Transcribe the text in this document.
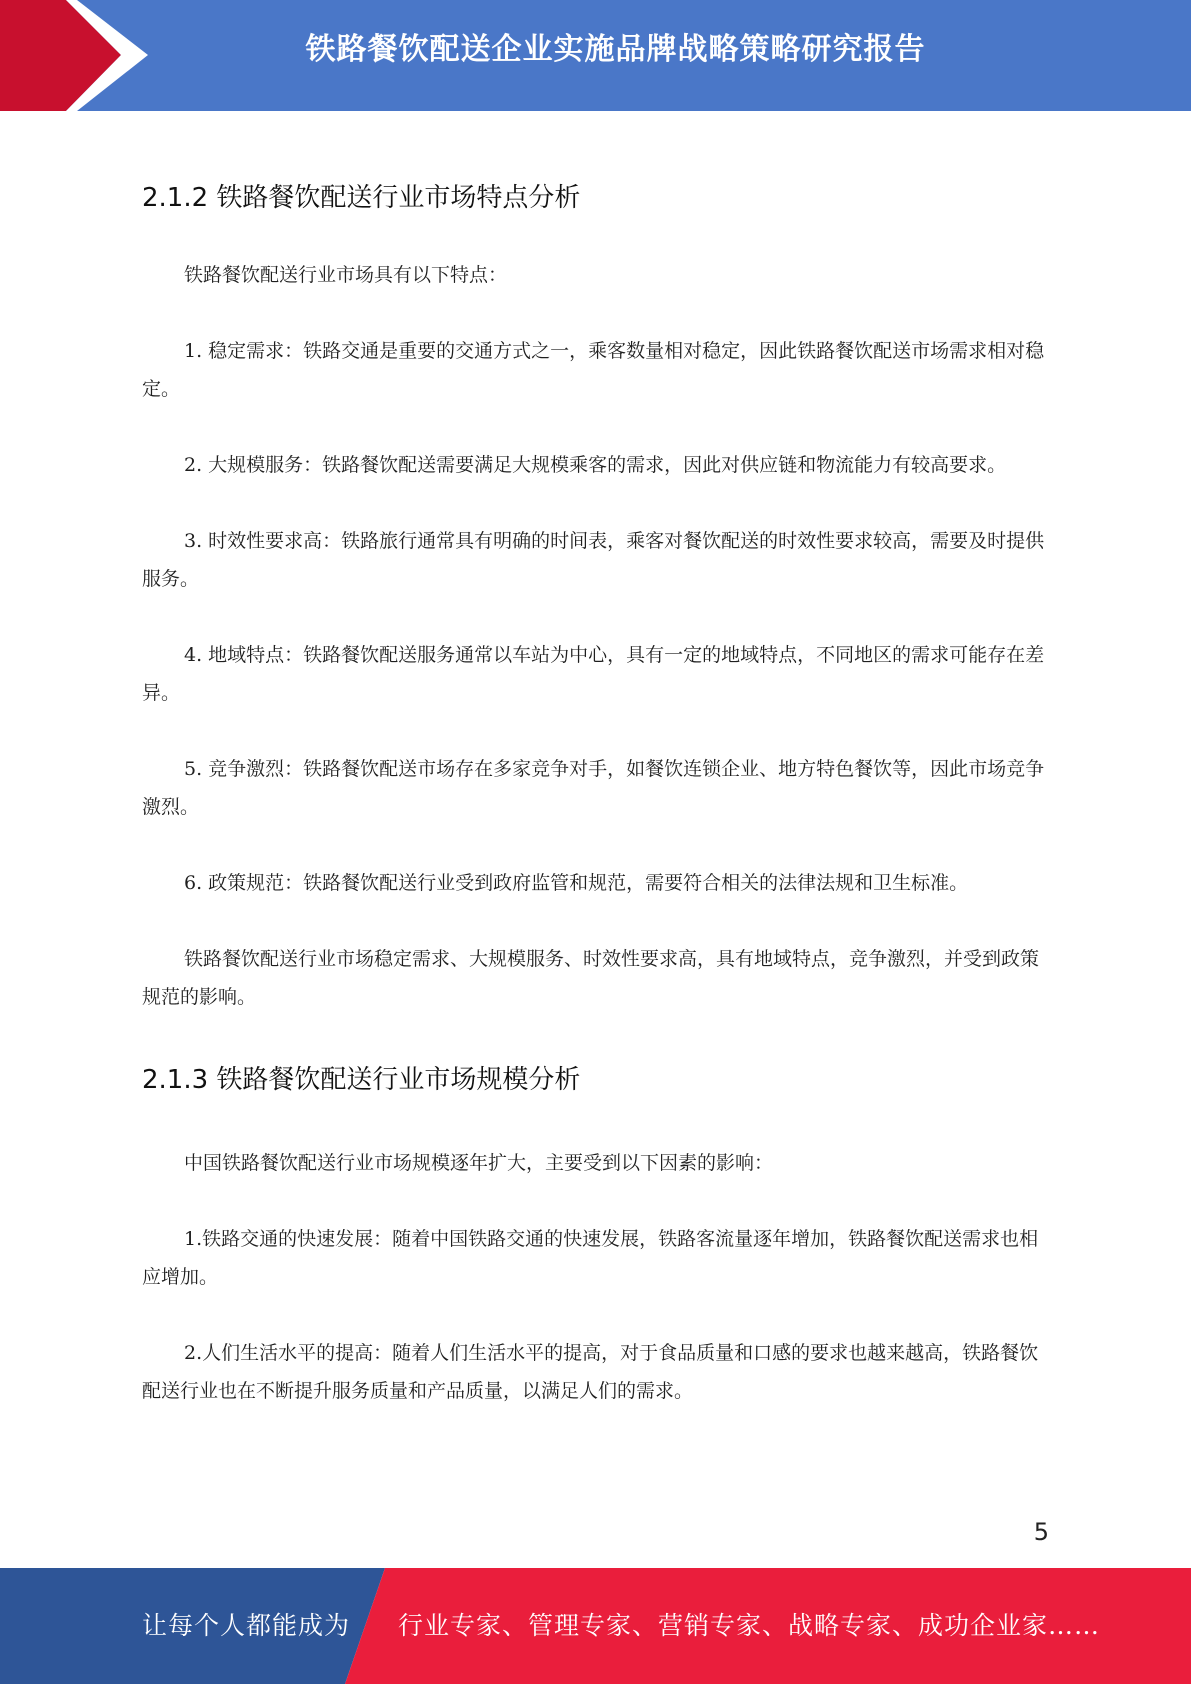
铁路餐饮配送企业实施品牌战略策略研究报告
2.1.2 铁路餐饮配送行业市场特点分析

铁路餐饮配送行业市场具有以下特点：

1. 稳定需求：铁路交通是重要的交通方式之一，乘客数量相对稳定，因此铁路餐饮配送市场需求相对稳定。

2. 大规模服务：铁路餐饮配送需要满足大规模乘客的需求，因此对供应链和物流能力有较高要求。

3. 时效性要求高：铁路旅行通常具有明确的时间表，乘客对餐饮配送的时效性要求较高，需要及时提供服务。

4. 地域特点：铁路餐饮配送服务通常以车站为中心，具有一定的地域特点，不同地区的需求可能存在差异。

5. 竞争激烈：铁路餐饮配送市场存在多家竞争对手，如餐饮连锁企业、地方特色餐饮等，因此市场竞争激烈。

6. 政策规范：铁路餐饮配送行业受到政府监管和规范，需要符合相关的法律法规和卫生标准。

铁路餐饮配送行业市场稳定需求、大规模服务、时效性要求高，具有地域特点，竞争激烈，并受到政策规范的影响。

2.1.3 铁路餐饮配送行业市场规模分析

中国铁路餐饮配送行业市场规模逐年扩大，主要受到以下因素的影响：

1.铁路交通的快速发展：随着中国铁路交通的快速发展，铁路客流量逐年增加，铁路餐饮配送需求也相应增加。

2.人们生活水平的提高：随着人们生活水平的提高，对于食品质量和口感的要求也越来越高，铁路餐饮配送行业也在不断提升服务质量和产品质量，以满足人们的需求。

5
让每个人都能成为 行业专家、管理专家、营销专家、战略专家、成功企业家……
